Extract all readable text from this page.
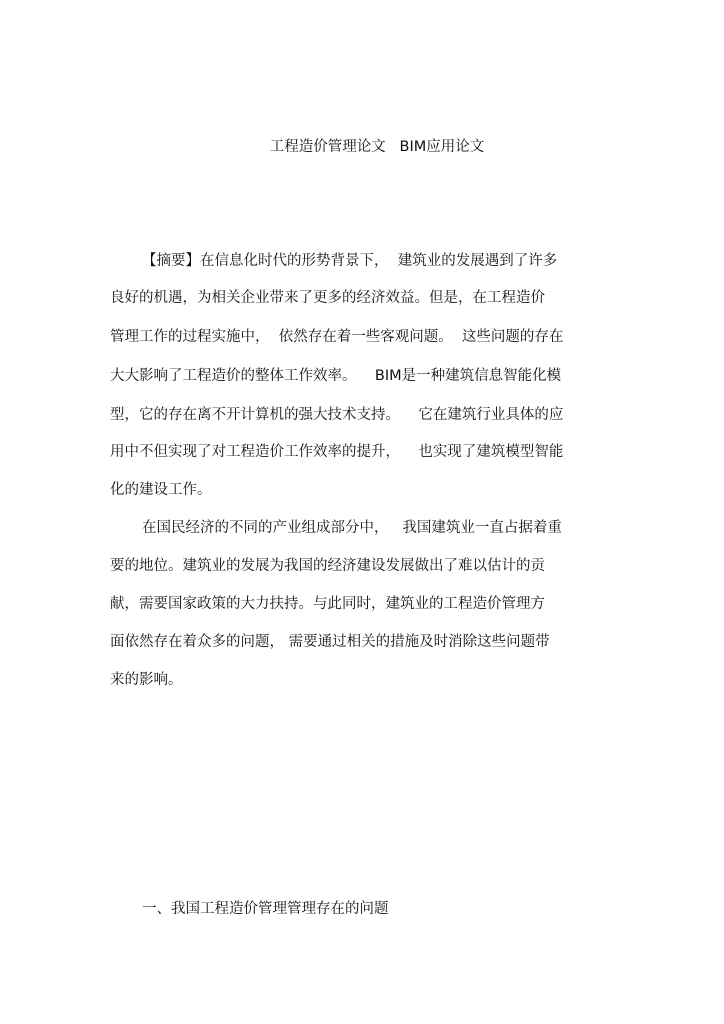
工程造价管理论文   BIM应用论文
【摘要】在信息化时代的形势背景下，  建筑业的发展遇到了许多
良好的机遇，为相关企业带来了更多的经济效益。但是，在工程造价
管理工作的过程实施中，  依然存在着一些客观问题。  这些问题的存在
大大影响了工程造价的整体工作效率。    BIM是一种建筑信息智能化模
型，它的存在离不开计算机的强大技术支持。    它在建筑行业具体的应
用中不但实现了对工程造价工作效率的提升，    也实现了建筑模型智能
化的建设工作。
在国民经济的不同的产业组成部分中，   我国建筑业一直占据着重
要的地位。建筑业的发展为我国的经济建设发展做出了难以估计的贡
献，需要国家政策的大力扶持。与此同时，建筑业的工程造价管理方
面依然存在着众多的问题， 需要通过相关的措施及时消除这些问题带
来的影响。
一、我国工程造价管理管理存在的问题
